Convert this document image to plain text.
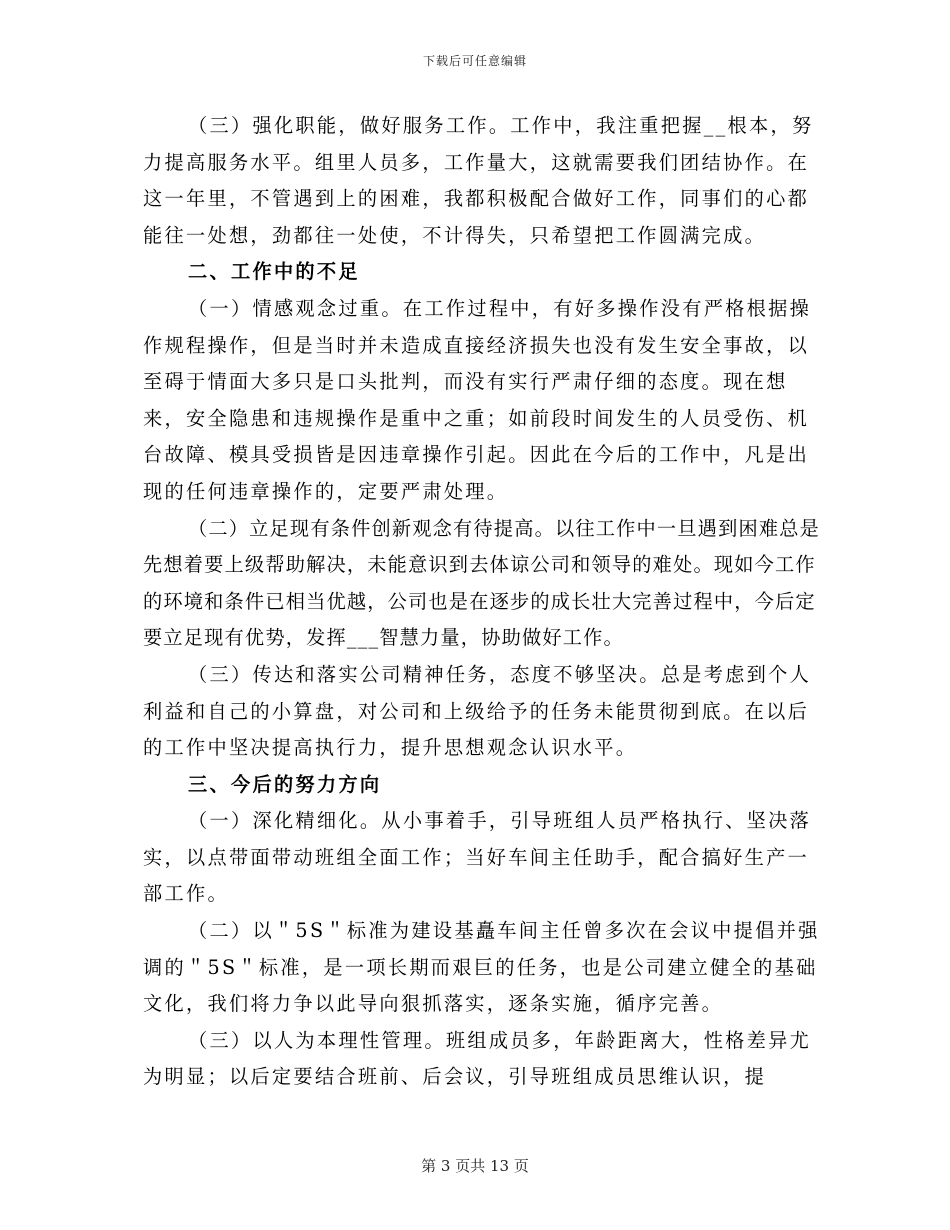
下载后可任意编辑

（三）强化职能，做好服务工作。工作中，我注重把握__根本，努力提高服务水平。组里人员多，工作量大，这就需要我们团结协作。在这一年里，不管遇到上的困难，我都积极配合做好工作，同事们的心都能往一处想，劲都往一处使，不计得失，只希望把工作圆满完成。

二、工作中的不足

（一）情感观念过重。在工作过程中，有好多操作没有严格根据操作规程操作，但是当时并未造成直接经济损失也没有发生安全事故，以至碍于情面大多只是口头批判，而没有实行严肃仔细的态度。现在想来，安全隐患和违规操作是重中之重；如前段时间发生的人员受伤、机台故障、模具受损皆是因违章操作引起。因此在今后的工作中，凡是出现的任何违章操作的，定要严肃处理。

（二）立足现有条件创新观念有待提高。以往工作中一旦遇到困难总是先想着要上级帮助解决，未能意识到去体谅公司和领导的难处。现如今工作的环境和条件已相当优越，公司也是在逐步的成长壮大完善过程中，今后定要立足现有优势，发挥___智慧力量，协助做好工作。

（三）传达和落实公司精神任务，态度不够坚决。总是考虑到个人利益和自己的小算盘，对公司和上级给予的任务未能贯彻到底。在以后的工作中坚决提高执行力，提升思想观念认识水平。

三、今后的努力方向

（一）深化精细化。从小事着手，引导班组人员严格执行、坚决落实，以点带面带动班组全面工作；当好车间主任助手，配合搞好生产一部工作。

（二）以＂5S＂标准为建设基矗车间主任曾多次在会议中提倡并强调的＂5S＂标准，是一项长期而艰巨的任务，也是公司建立健全的基础文化，我们将力争以此导向狠抓落实，逐条实施，循序完善。

（三）以人为本理性管理。班组成员多，年龄距离大，性格差异尤为明显；以后定要结合班前、后会议，引导班组成员思维认识，提

第 3 页共 13 页
